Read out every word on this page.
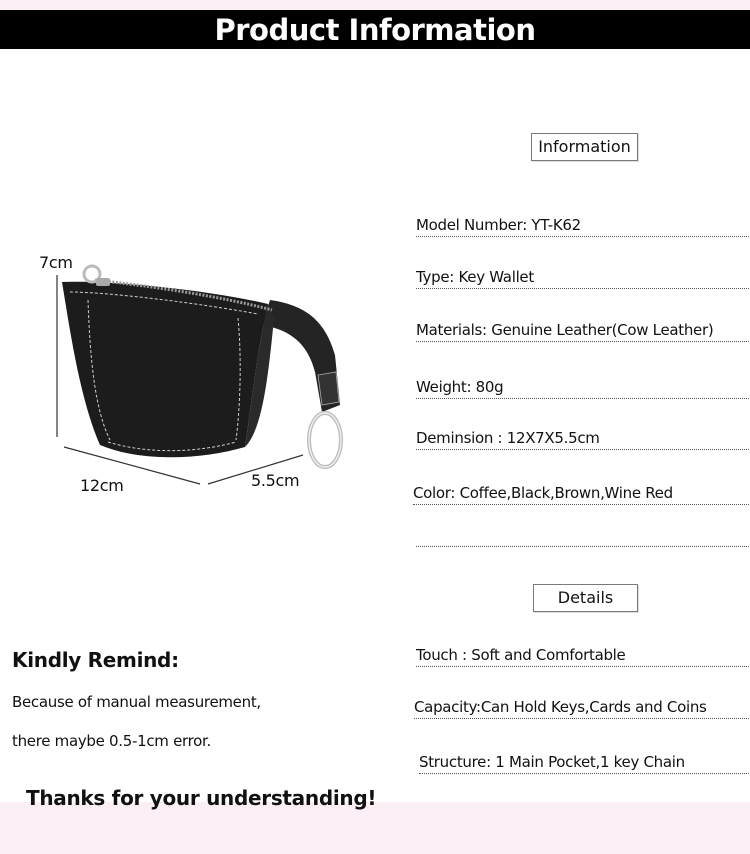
Product Information
7cm
12cm	5.5cm
Information
Model Number: YT-K62
Type: Key Wallet
Materials: Genuine Leather(Cow Leather)
Weight: 80g
Deminsion : 12X7X5.5cm
Color: Coffee,Black,Brown,Wine Red
Details
Touch : Soft and Comfortable
Capacity:Can Hold Keys,Cards and Coins
Structure: 1 Main Pocket,1 key Chain
Kindly Remind:
Because of manual measurement,
there maybe 0.5-1cm error.
Thanks for your understanding!
